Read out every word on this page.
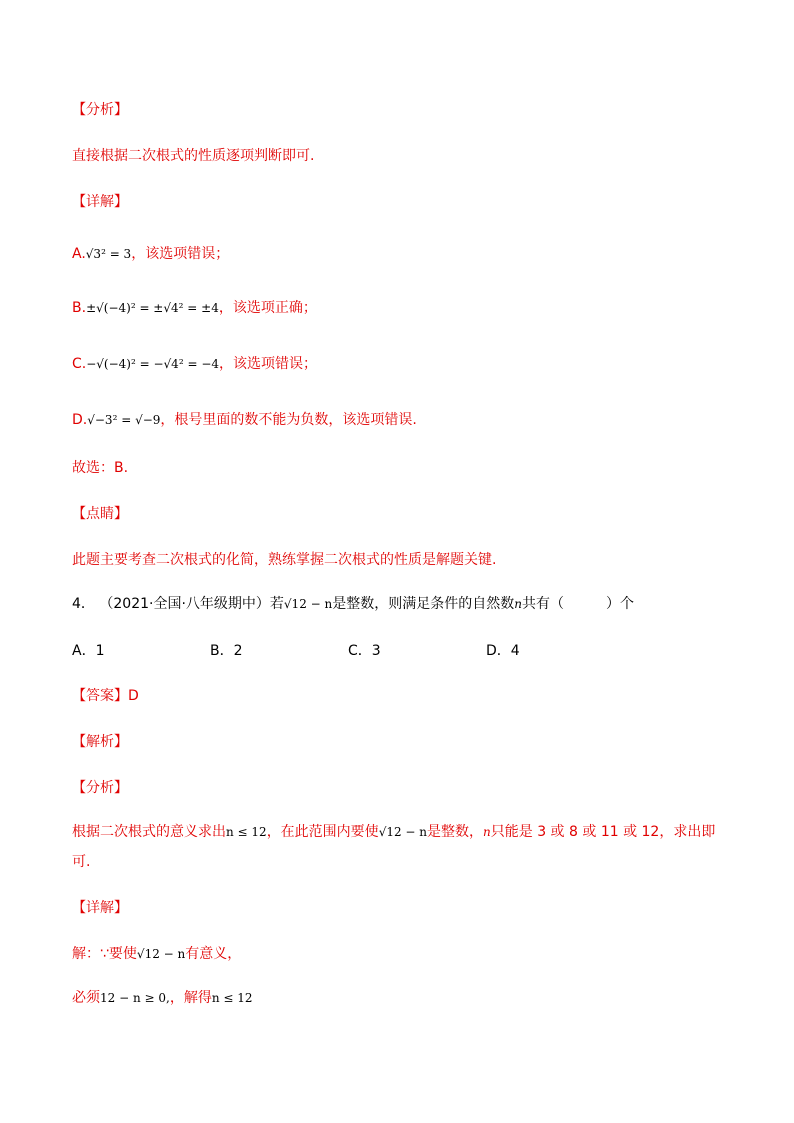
【分析】
直接根据二次根式的性质逐项判断即可.
【详解】
A.√3² = 3，该选项错误；
B.±√(−4)² = ±√4² = ±4，该选项正确；
C.−√(−4)² = −√4² = −4，该选项错误；
D.√−3² = √−9，根号里面的数不能为负数，该选项错误.
故选：B.
【点睛】
此题主要考查二次根式的化简，熟练掌握二次根式的性质是解题关键.
4． （2021·全国·八年级期中）若√12 − n是整数，则满足条件的自然数n共有（　　　）个
A．1	B．2	C．3	D．4
【答案】D
【解析】
【分析】
根据二次根式的意义求出n ≤ 12，在此范围内要使√12 − n是整数，n只能是 3 或 8 或 11 或 12，求出即
可.
【详解】
解：∵要使√12 − n有意义，
必须12 − n ≥ 0,，解得n ≤ 12
